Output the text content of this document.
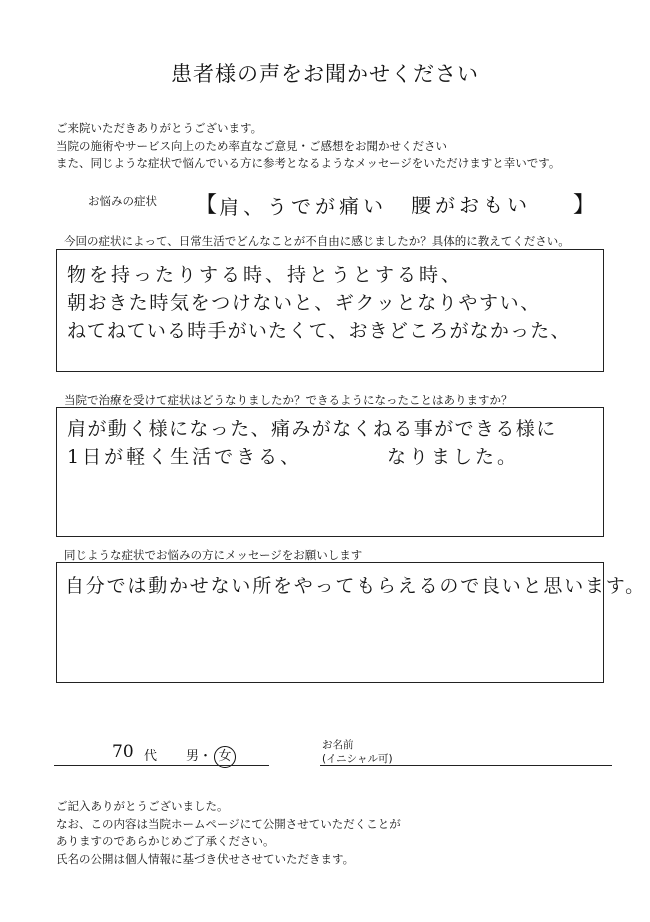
患者様の声をお聞かせください
ご来院いただきありがとうございます。
当院の施術やサービス向上のため率直なご意見・ご感想をお聞かせください
また、同じような症状で悩んでいる方に参考となるようなメッセージをいただけますと幸いです。
お悩みの症状 【 肩、うでが痛い　腰がおもい 】
今回の症状によって、日常生活でどんなことが不自由に感じましたか？具体的に教えてください。
物を持ったりする時、持とうとする時、
朝おきた時気をつけないと、ギクッとなりやすい、
ねてねている時手がいたくて、おきどころがなかった、
当院で治療を受けて症状はどうなりましたか？できるようになったことはありますか？
肩が動く様になった、痛みがなくねる事ができる様に
1日が軽く生活できる、	なりました。
同じような症状でお悩みの方にメッセージをお願いします
自分では動かせない所をやってもらえるので良いと思います。
70 代 男・ 女
お名前
(イニシャル可)
ご記入ありがとうございました。
なお、この内容は当院ホームページにて公開させていただくことが
ありますのであらかじめご了承ください。
氏名の公開は個人情報に基づき伏せさせていただきます。
